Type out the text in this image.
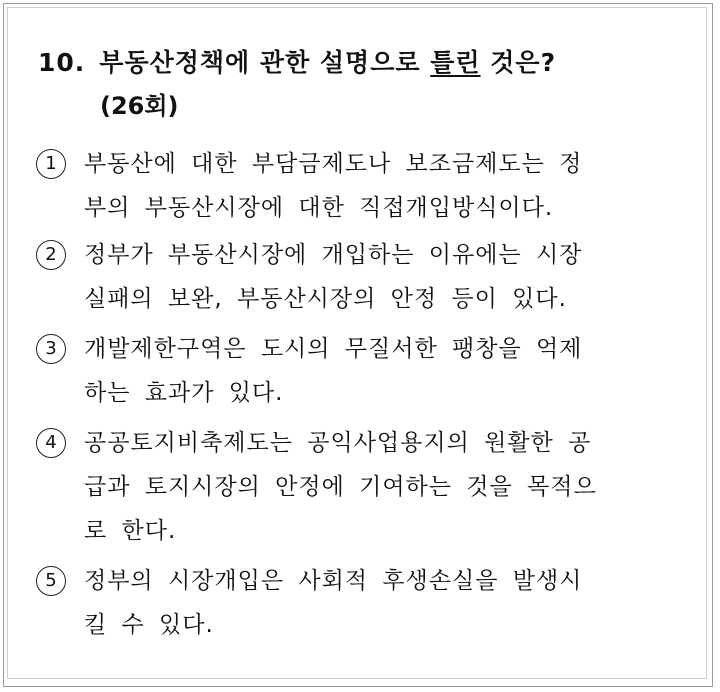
10. 부동산정책에 관한 설명으로 틀린 것은?
(26회)
1	부동산에 대한 부담금제도나 보조금제도는 정
부의 부동산시장에 대한 직접개입방식이다.
2	정부가 부동산시장에 개입하는 이유에는 시장
실패의 보완, 부동산시장의 안정 등이 있다.
3	개발제한구역은 도시의 무질서한 팽창을 억제
하는 효과가 있다.
4	공공토지비축제도는 공익사업용지의 원활한 공
급과 토지시장의 안정에 기여하는 것을 목적으
로 한다.
5	정부의 시장개입은 사회적 후생손실을 발생시
킬 수 있다.
